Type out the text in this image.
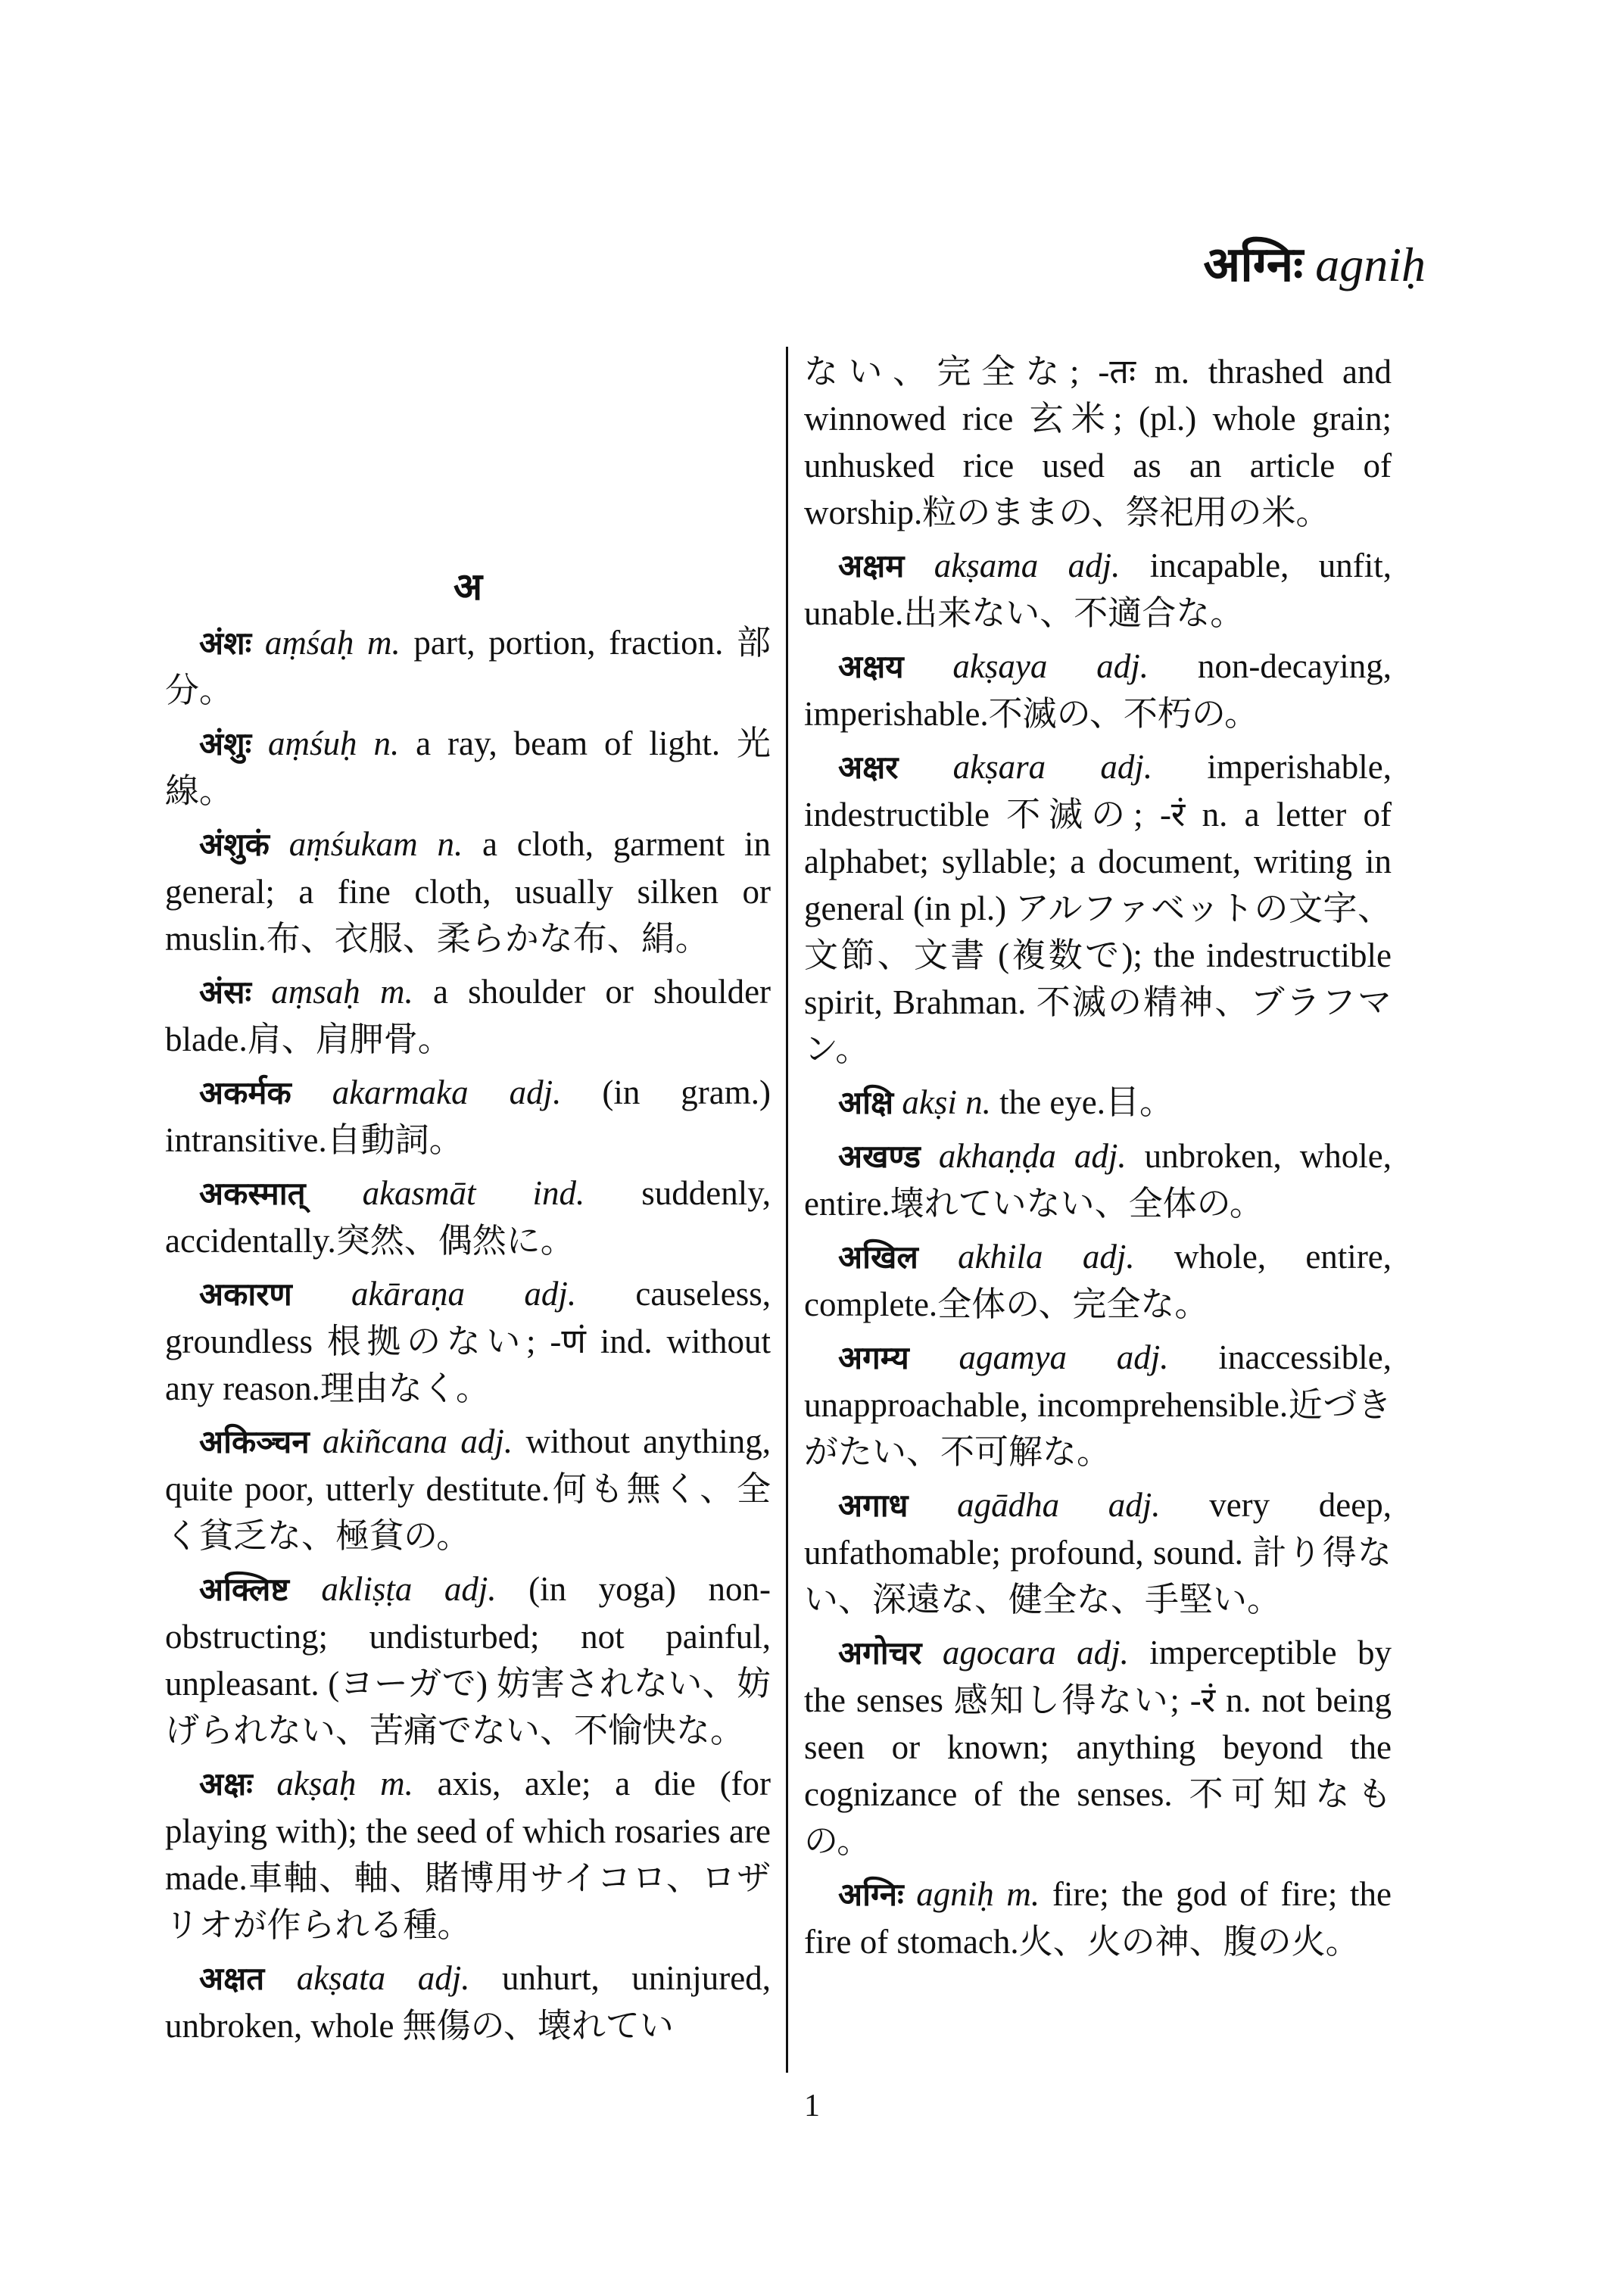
अग्निः agniḥ
अ

अंशः aṃśaḥ m. part, portion, fraction. 部分。

अंशुः aṃśuḥ n. a ray, beam of light. 光線。

अंशुकं aṃśukam n. a cloth, garment in general; a fine cloth, usually silken or muslin.布、衣服、柔らかな布、絹。

अंसः aṃsaḥ m. a shoulder or shoulder blade.肩、肩胛骨。

अकर्मक akarmaka adj. (in gram.) intransitive.自動詞。

अकस्मात् akasmāt ind. suddenly, accidentally.突然、偶然に。

अकारण akāraṇa adj. causeless, groundless 根拠のない; -णं ind. without any reason.理由なく。

अकिञ्चन akiñcana adj. without anything, quite poor, utterly destitute.何も無く、全く貧乏な、極貧の。

अक्लिष्ट akliṣṭa adj. (in yoga) non-obstructing; undisturbed; not painful, unpleasant. (ヨーガで) 妨害されない、妨げられない、苦痛でない、不愉快な。

अक्षः akṣaḥ m. axis, axle; a die (for playing with); the seed of which rosaries are made.車軸、軸、賭博用サイコロ、ロザリオが作られる種。

अक्षत akṣata adj. unhurt, uninjured, unbroken, whole 無傷の、壊れてい

ない、完全な; -तः m. thrashed and winnowed rice 玄米; (pl.) whole grain; unhusked rice used as an article of worship.粒のままの、祭祀用の米。

अक्षम akṣama adj. incapable, unfit, unable.出来ない、不適合な。

अक्षय akṣaya adj. non-decaying, imperishable.不滅の、不朽の。

अक्षर akṣara adj. imperishable, indestructible 不滅の; -रं n. a letter of alphabet; syllable; a document, writing in general (in pl.) アルファベットの文字、文節、文書 (複数で); the indestructible spirit, Brahman. 不滅の精神、ブラフマン。

अक्षि akṣi n. the eye.目。

अखण्ड akhaṇḍa adj. unbroken, whole, entire.壊れていない、全体の。

अखिल akhila adj. whole, entire, complete.全体の、完全な。

अगम्य agamya adj. inaccessible, unapproachable, incomprehensible.近づきがたい、不可解な。

अगाध agādha adj. very deep, unfathomable; profound, sound. 計り得ない、深遠な、健全な、手堅い。

अगोचर agocara adj. imperceptible by the senses 感知し得ない; -रं n. not being seen or known; anything beyond the cognizance of the senses. 不可知なもの。

अग्निः agniḥ m. fire; the god of fire; the fire of stomach.火、火の神、腹の火。

1
